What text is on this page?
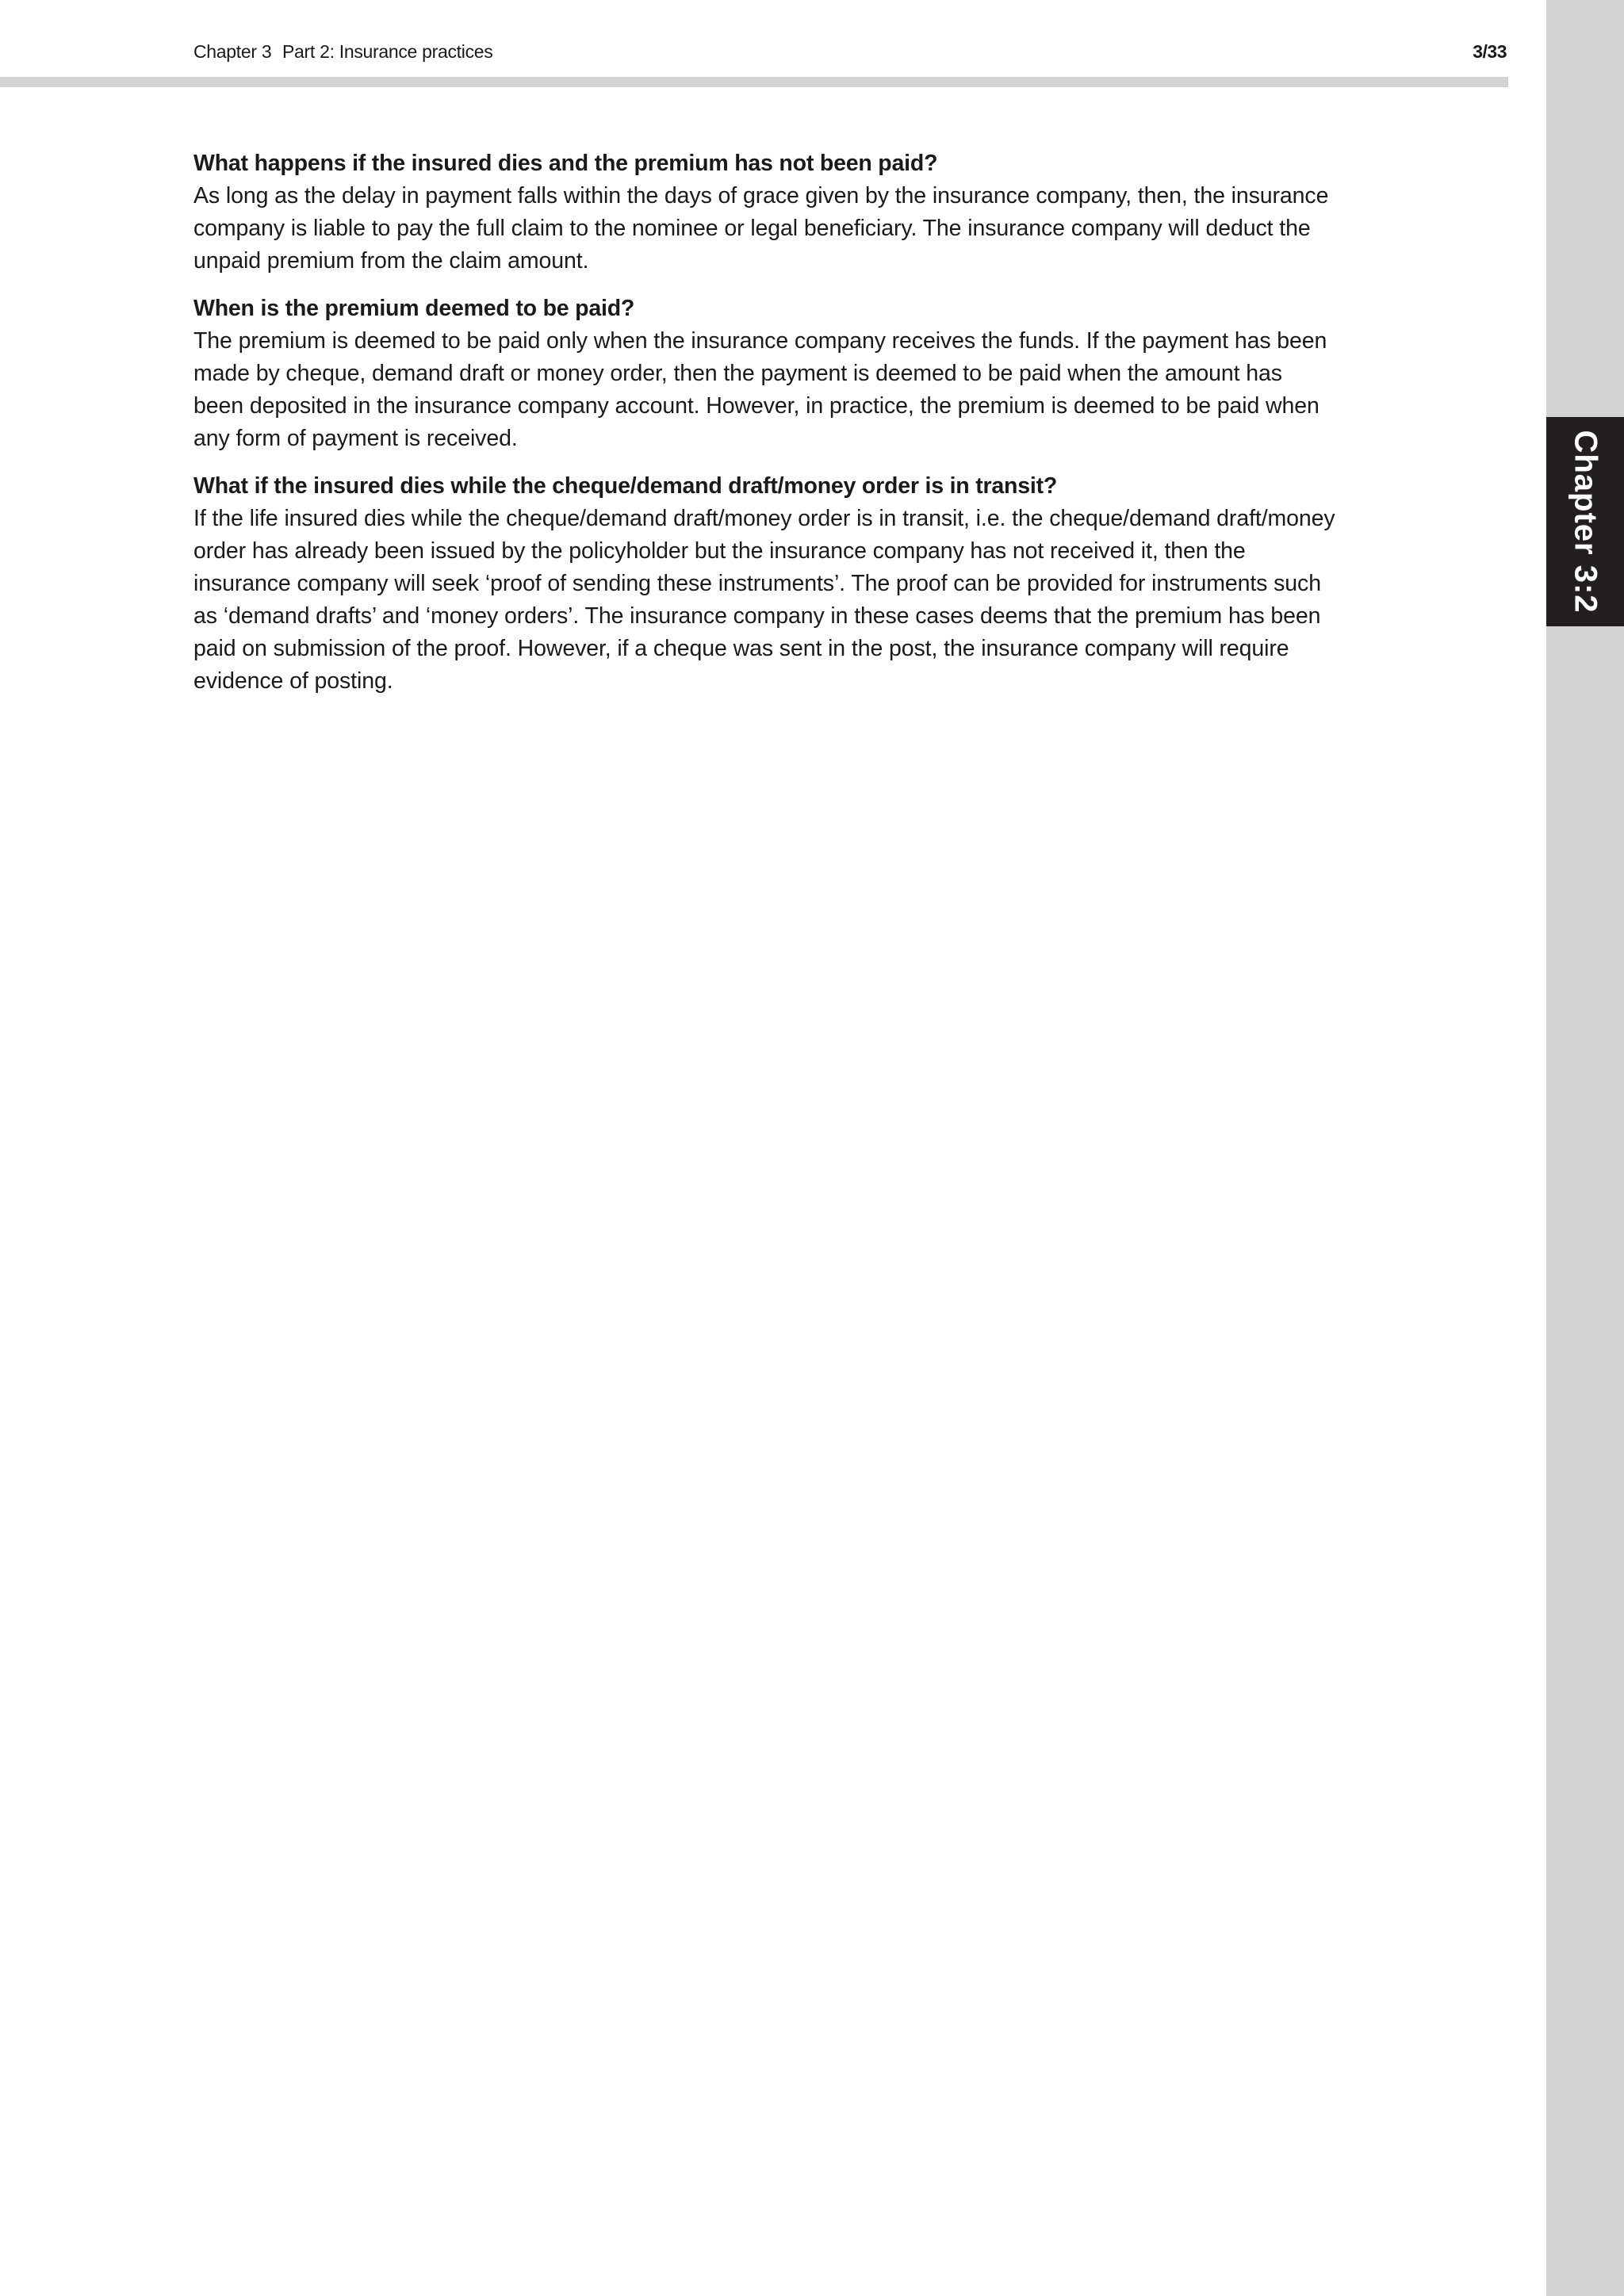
Chapter 3 Part 2: Insurance practices	3/33
Chapter 3:2

What happens if the insured dies and the premium has not been paid?

As long as the delay in payment falls within the days of grace given by the insurance company, then, the insurance company is liable to pay the full claim to the nominee or legal beneficiary. The insurance company will deduct the unpaid premium from the claim amount.

When is the premium deemed to be paid?

The premium is deemed to be paid only when the insurance company receives the funds. If the payment has been made by cheque, demand draft or money order, then the payment is deemed to be paid when the amount has been deposited in the insurance company account. However, in practice, the premium is deemed to be paid when any form of payment is received.

What if the insured dies while the cheque/demand draft/money order is in transit?

If the life insured dies while the cheque/demand draft/money order is in transit, i.e. the cheque/demand draft/money order has already been issued by the policyholder but the insurance company has not received it, then the insurance company will seek ‘proof of sending these instruments’. The proof can be provided for instruments such as ‘demand drafts’ and ‘money orders’. The insurance company in these cases deems that the premium has been paid on submission of the proof. However, if a cheque was sent in the post, the insurance company will require evidence of posting.
